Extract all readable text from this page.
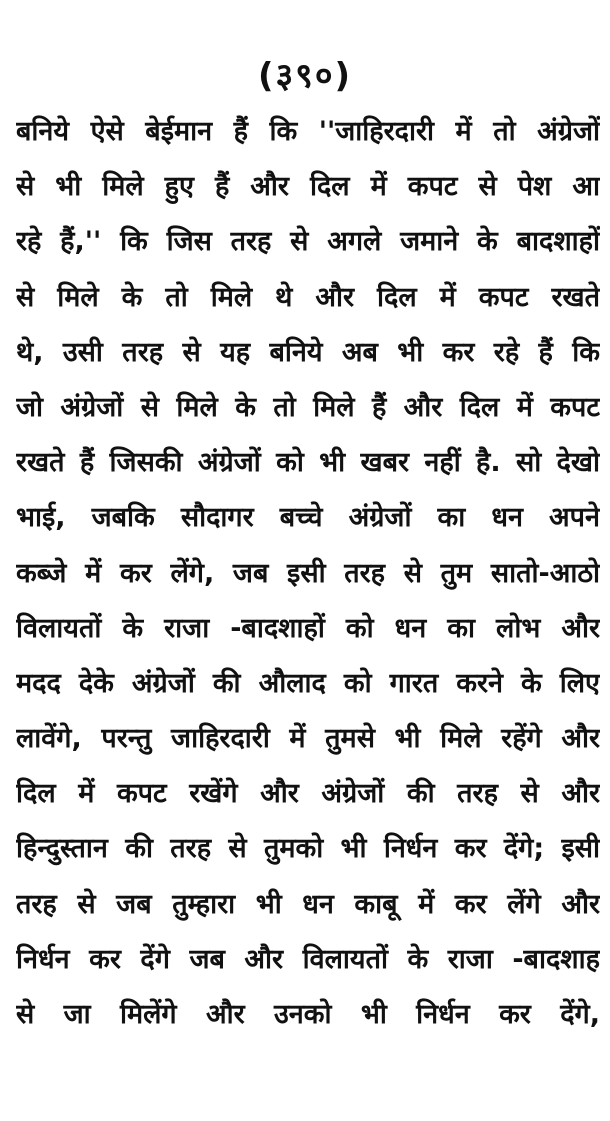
(३९०)
बनिये ऐसे बेईमान हैं कि ''जाहिरदारी में तो अंग्रेजों
से भी मिले हुए हैं और दिल में कपट से पेश आ
रहे हैं,'' कि जिस तरह से अगले जमाने के बादशाहों
से मिले के तो मिले थे और दिल में कपट रखते
थे, उसी तरह से यह बनिये अब भी कर रहे हैं कि
जो अंग्रेजों से मिले के तो मिले हैं और दिल में कपट
रखते हैं जिसकी अंग्रेजों को भी खबर नहीं है. सो देखो
भाई, जबकि सौदागर बच्चे अंग्रेजों का धन अपने
कब्जे में कर लेंगे, जब इसी तरह से तुम सातो-आठो
विलायतों के राजा -बादशाहों को धन का लोभ और
मदद देके अंग्रेजों की औलाद को गारत करने के लिए
लावेंगे, परन्तु जाहिरदारी में तुमसे भी मिले रहेंगे और
दिल में कपट रखेंगे और अंग्रेजों की तरह से और
हिन्दुस्तान की तरह से तुमको भी निर्धन कर देंगे; इसी
तरह से जब तुम्हारा भी धन काबू में कर लेंगे और
निर्धन कर देंगे जब और विलायतों के राजा -बादशाह
से जा मिलेंगे और उनको भी निर्धन कर देंगे,
